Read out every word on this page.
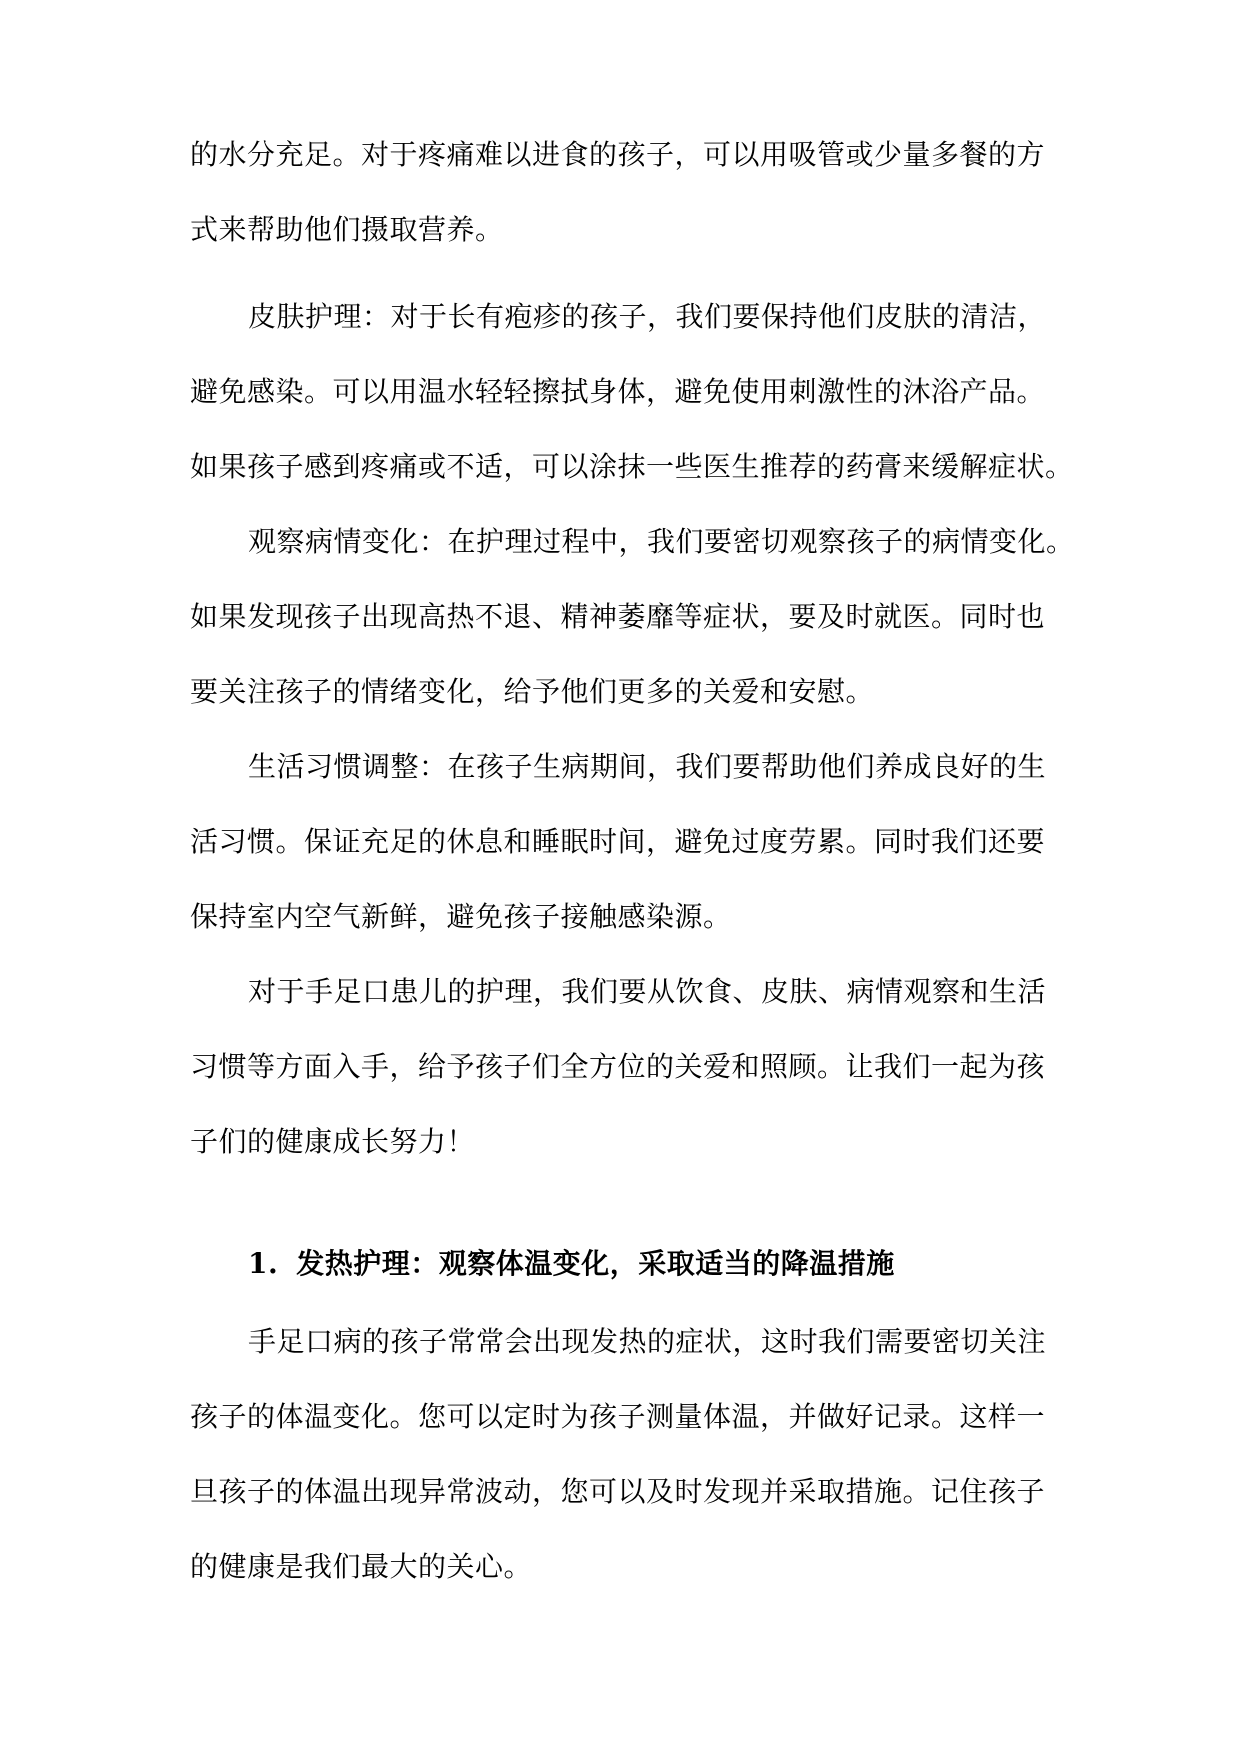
的水分充足。对于疼痛难以进食的孩子，可以用吸管或少量多餐的方
式来帮助他们摄取营养。
皮肤护理：对于长有疱疹的孩子，我们要保持他们皮肤的清洁，
避免感染。可以用温水轻轻擦拭身体，避免使用刺激性的沐浴产品。
如果孩子感到疼痛或不适，可以涂抹一些医生推荐的药膏来缓解症状。
观察病情变化：在护理过程中，我们要密切观察孩子的病情变化。
如果发现孩子出现高热不退、精神萎靡等症状，要及时就医。同时也
要关注孩子的情绪变化，给予他们更多的关爱和安慰。
生活习惯调整：在孩子生病期间，我们要帮助他们养成良好的生
活习惯。保证充足的休息和睡眠时间，避免过度劳累。同时我们还要
保持室内空气新鲜，避免孩子接触感染源。
对于手足口患儿的护理，我们要从饮食、皮肤、病情观察和生活
习惯等方面入手，给予孩子们全方位的关爱和照顾。让我们一起为孩
子们的健康成长努力！
1. 发热护理：观察体温变化，采取适当的降温措施
手足口病的孩子常常会出现发热的症状，这时我们需要密切关注
孩子的体温变化。您可以定时为孩子测量体温，并做好记录。这样一
旦孩子的体温出现异常波动，您可以及时发现并采取措施。记住孩子
的健康是我们最大的关心。
